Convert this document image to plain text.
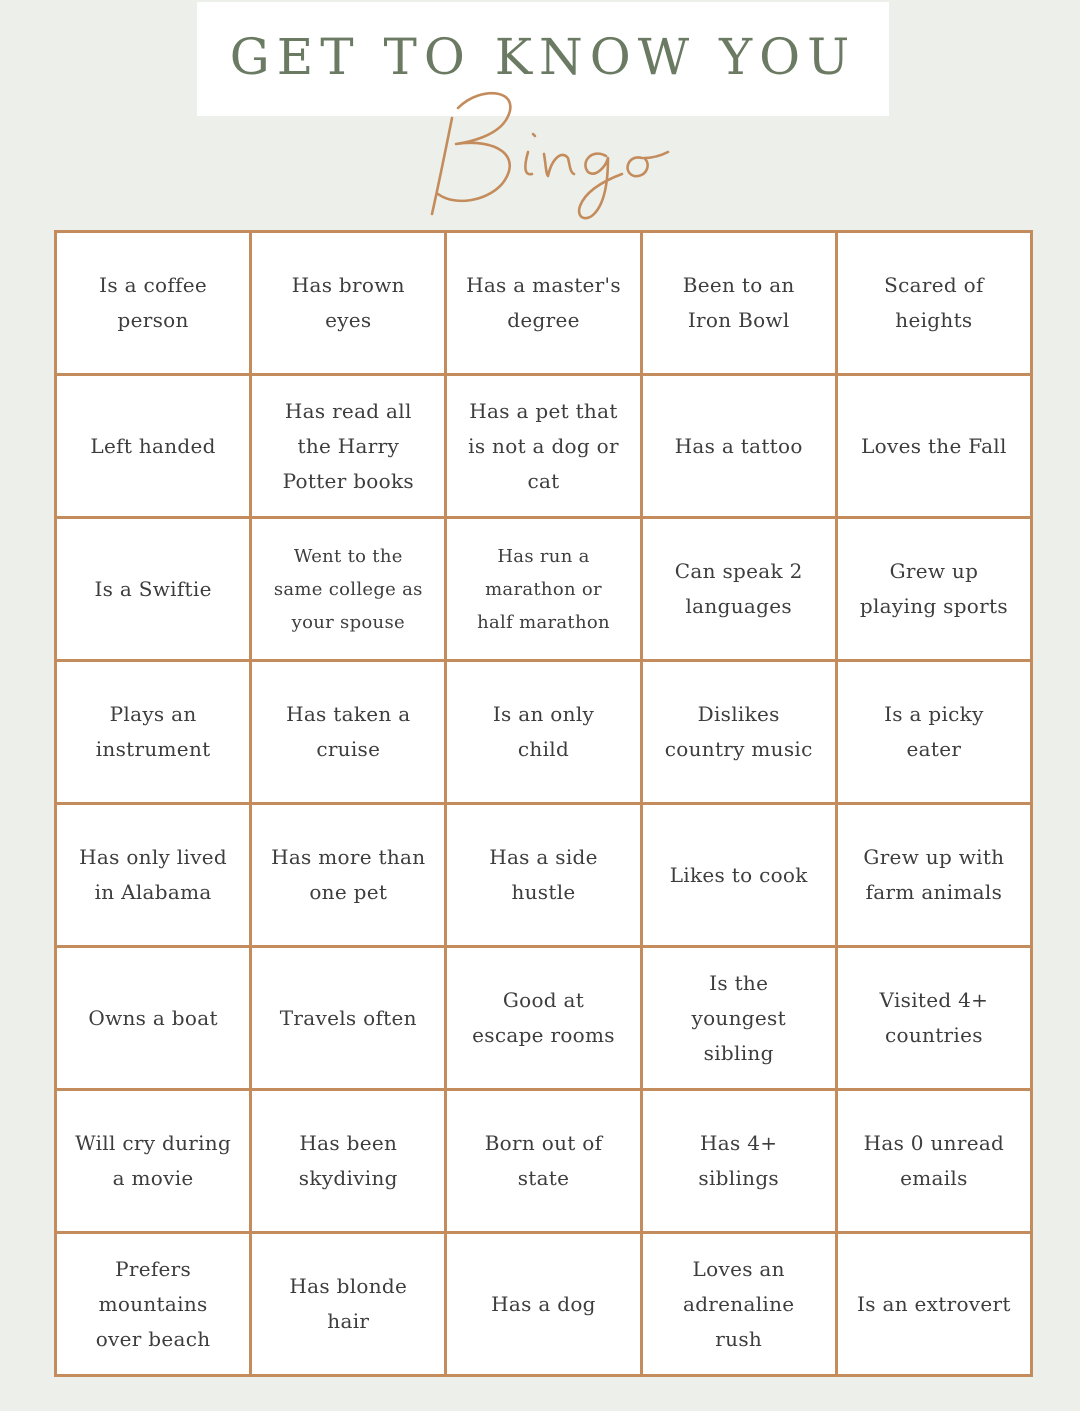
GET TO KNOW YOU
Is a coffee person
Has brown eyes
Has a master's degree
Been to an Iron Bowl
Scared of heights
Left handed
Has read all the Harry Potter books
Has a pet that is not a dog or cat
Has a tattoo	Loves the Fall
Is a Swiftie
Went to the same college as your spouse
Has run a marathon or half marathon
Can speak 2 languages
Grew up playing sports
Plays an instrument
Has taken a cruise
Is an only child
Dislikes country music
Is a picky eater
Has only lived in Alabama
Has more than one pet
Has a side hustle
Likes to cook
Grew up with farm animals
Owns a boat	Travels often
Good at escape rooms
Is the youngest sibling
Visited 4+ countries
Will cry during a movie
Has been skydiving
Born out of state
Has 4+ siblings
Has 0 unread emails
Prefers mountains over beach
Has blonde hair
Has a dog
Loves an adrenaline rush
Is an extrovert
